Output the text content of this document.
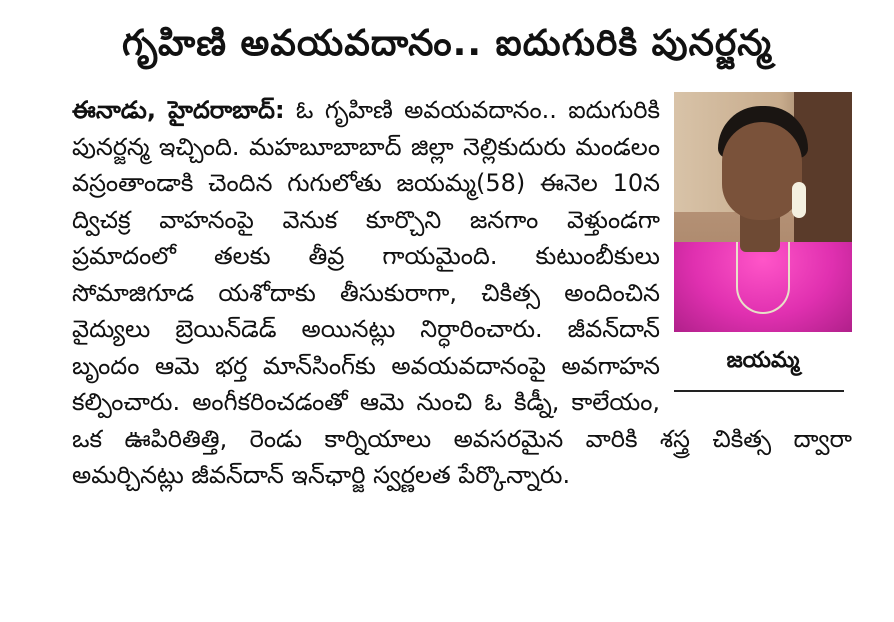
గృహిణి అవయవదానం.. ఐదుగురికి పునర్జన్మ
జయమ్మ

ఈనాడు, హైదరాబాద్: ఓ గృహిణి అవయవదానం.. ఐదుగురికి పునర్జన్మ ఇచ్చింది. మహబూబాబాద్ జిల్లా నెల్లికుదురు మండలం వస్రంతాండాకి చెందిన గుగులోతు జయమ్మ(58) ఈనెల 10న ద్విచక్ర వాహనంపై వెనుక కూర్చొని జనగాం వెళ్తుండగా ప్రమాదంలో తలకు తీవ్ర గాయమైంది. కుటుంబీకులు సోమాజిగూడ యశోదాకు తీసుకురాగా, చికిత్స అందించిన వైద్యులు బ్రెయిన్‌డెడ్ అయినట్లు నిర్ధారించారు. జీవన్‌దాన్ బృందం ఆమె భర్త మాన్‌సింగ్‌కు అవయవదానంపై అవగాహన కల్పించారు. అంగీకరించడంతో ఆమె నుంచి ఓ కిడ్నీ, కాలేయం, ఒక ఊపిరితిత్తి, రెండు కార్నియాలు అవసరమైన వారికి శస్త్ర చికిత్స ద్వారా అమర్చినట్లు జీవన్‌దాన్ ఇన్‌ఛార్జి స్వర్ణలత పేర్కొన్నారు.
